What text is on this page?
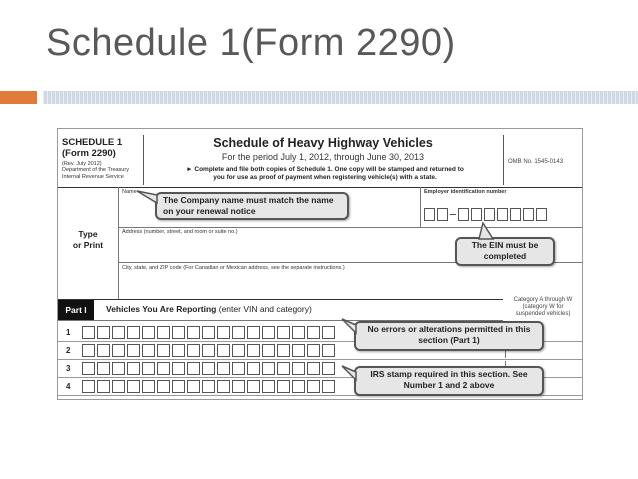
Schedule 1(Form 2290)
SCHEDULE 1
(Form 2290)
(Rev. July 2012)
Department of the Treasury
Internal Revenue Service
Schedule of Heavy Highway Vehicles
For the period July 1, 2012, through June 30, 2013
► Complete and file both copies of Schedule 1. One copy will be stamped and returned to
you for use as proof of payment when registering vehicle(s) with a state.
OMB No. 1545-0143
Type
or Print
Name	Employer identification number
Address (number, street, and room or suite no.)
City, state, and ZIP code (For Canadian or Mexican address, see the separate instructions.)
Part I	Vehicles You Are Reporting (enter VIN and category)
Category A through W
(category W for
suspended vehicles)
1
2
3
4
The Company name must match the name on your renewal notice
The EIN must be completed
No errors or alterations permitted in this section (Part 1)
IRS stamp required in this section. See Number 1 and 2 above
